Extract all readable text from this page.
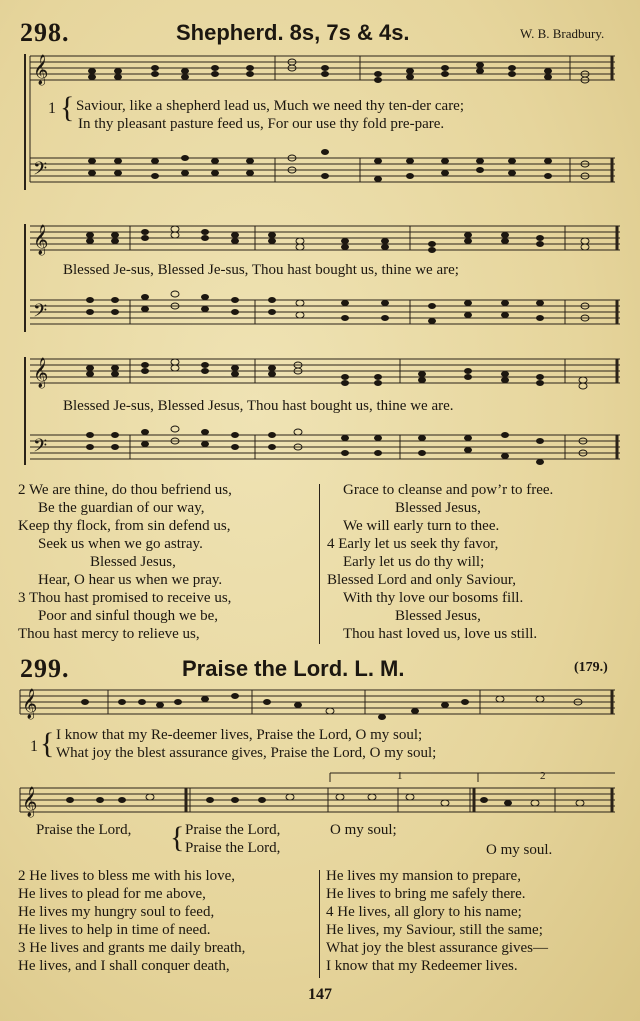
298.	Shepherd. 8s, 7s & 4s.	W. B. Bradbury.
𝄞
𝄢
1 { Saviour, like a shepherd lead us, Much we need thy ten-der care;
In thy pleasant pasture feed us, For our use thy fold pre-pare.
𝄞
𝄢
Blessed Je-sus, Blessed Je-sus, Thou hast bought us, thine we are;
𝄞
𝄢
Blessed Je-sus, Blessed Jesus, Thou hast bought us, thine we are.
2 We are thine, do thou befriend us,
Be the guardian of our way,
Keep thy flock, from sin defend us,
Seek us when we go astray.
Blessed Jesus,
Hear, O hear us when we pray.
3 Thou hast promised to receive us,
Poor and sinful though we be,
Thou hast mercy to relieve us,
Grace to cleanse and pow’r to free.
Blessed Jesus,
We will early turn to thee.
4 Early let us seek thy favor,
Early let us do thy will;
Blessed Lord and only Saviour,
With thy love our bosoms fill.
Blessed Jesus,
Thou hast loved us, love us still.
299.	Praise the Lord. L. M.	(179.)
𝄞
1 { I know that my Re-deemer lives, Praise the Lord, O my soul;
What joy the blest assurance gives, Praise the Lord, O my soul;
𝄞
1	2
Praise the Lord, { Praise the Lord,
Praise the Lord,
O my soul;
O my soul.
2 He lives to bless me with his love,
He lives to plead for me above,
He lives my hungry soul to feed,
He lives to help in time of need.
3 He lives and grants me daily breath,
He lives, and I shall conquer death,
He lives my mansion to prepare,
He lives to bring me safely there.
4 He lives, all glory to his name;
He lives, my Saviour, still the same;
What joy the blest assurance gives—
I know that my Redeemer lives.
147
